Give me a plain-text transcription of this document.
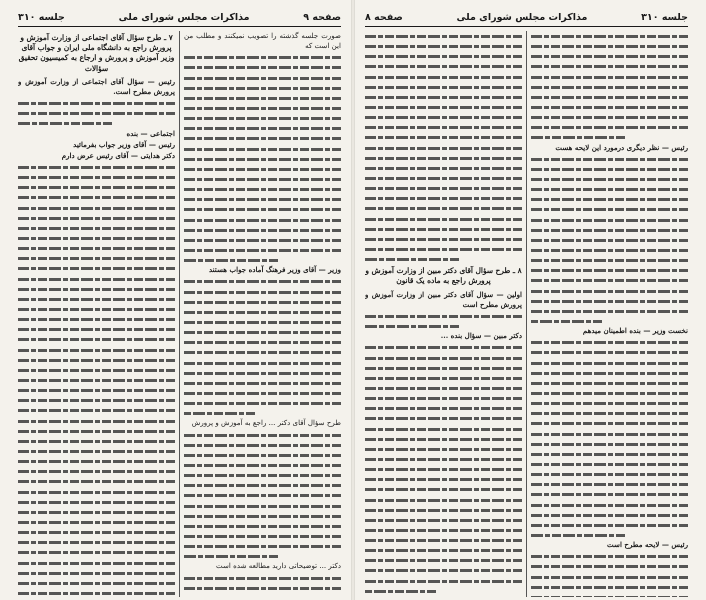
صفحه ۹
مذاکرات مجلس شورای ملی
جلسه ۳۱۰

صورت جلسه گذشته را تصویب نمیکنند و مطلب من این است که

وزیر — آقای وزیر فرهنگ آماده جواب هستند

طرح سؤال آقای دکتر ... راجع به آموزش و پرورش

دکتر ... توضیحاتی دارید مطالعه شده است

۷ ـ طرح سؤال آقای اجتماعی از وزارت آموزش و پرورش راجع به دانشگاه ملی ایران و جواب آقای وزیر آموزش و پرورش و ارجاع به کمیسیون تحقیق سؤالات

رئیس — سؤال آقای اجتماعی از وزارت آموزش و پرورش مطرح است.

اجتماعی — بنده

رئیس — آقای وزیر جواب بفرمائید

دکتر هدایتی — آقای رئیس عرض دارم

جلسه ۳۱۰
مذاکرات مجلس شورای ملی
صفحه ۸

رئیس — نظر دیگری درمورد این لایحه هست

نخست وزیر — بنده اطمینان میدهم

رئیس — لایحه مطرح است

۸ ـ طرح سؤال آقای دکتر مبین از وزارت آموزش و پرورش راجع به ماده یک قانون

اولین — سؤال آقای دکتر مبین از وزارت آموزش و پرورش مطرح است

دکتر مبین — سؤال بنده ...
